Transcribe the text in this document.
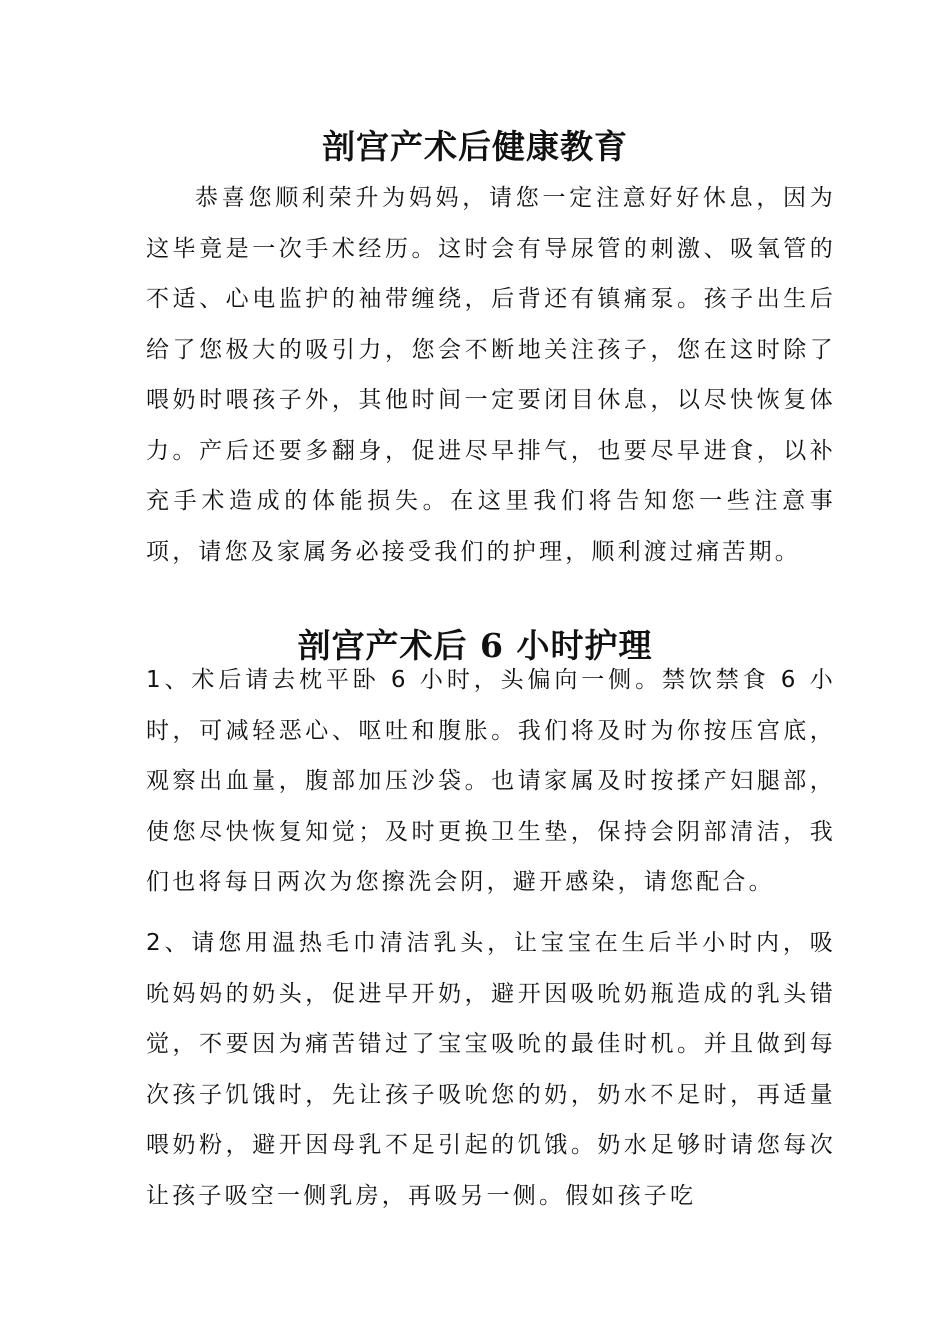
剖宫产术后健康教育

恭喜您顺利荣升为妈妈，请您一定注意好好休息，因为这毕竟是一次手术经历。这时会有导尿管的刺激、吸氧管的不适、心电监护的袖带缠绕，后背还有镇痛泵。孩子出生后给了您极大的吸引力，您会不断地关注孩子，您在这时除了喂奶时喂孩子外，其他时间一定要闭目休息，以尽快恢复体力。产后还要多翻身，促进尽早排气，也要尽早进食，以补充手术造成的体能损失。在这里我们将告知您一些注意事项，请您及家属务必接受我们的护理，顺利渡过痛苦期。

剖宫产术后 6 小时护理

1、术后请去枕平卧 6 小时，头偏向一侧。禁饮禁食 6 小时，可减轻恶心、呕吐和腹胀。我们将及时为你按压宫底，观察出血量，腹部加压沙袋。也请家属及时按揉产妇腿部，使您尽快恢复知觉；及时更换卫生垫，保持会阴部清洁，我们也将每日两次为您擦洗会阴，避开感染，请您配合。

2、请您用温热毛巾清洁乳头，让宝宝在生后半小时内，吸吮妈妈的奶头，促进早开奶，避开因吸吮奶瓶造成的乳头错觉，不要因为痛苦错过了宝宝吸吮的最佳时机。并且做到每次孩子饥饿时，先让孩子吸吮您的奶，奶水不足时，再适量喂奶粉，避开因母乳不足引起的饥饿。奶水足够时请您每次让孩子吸空一侧乳房，再吸另一侧。假如孩子吃
